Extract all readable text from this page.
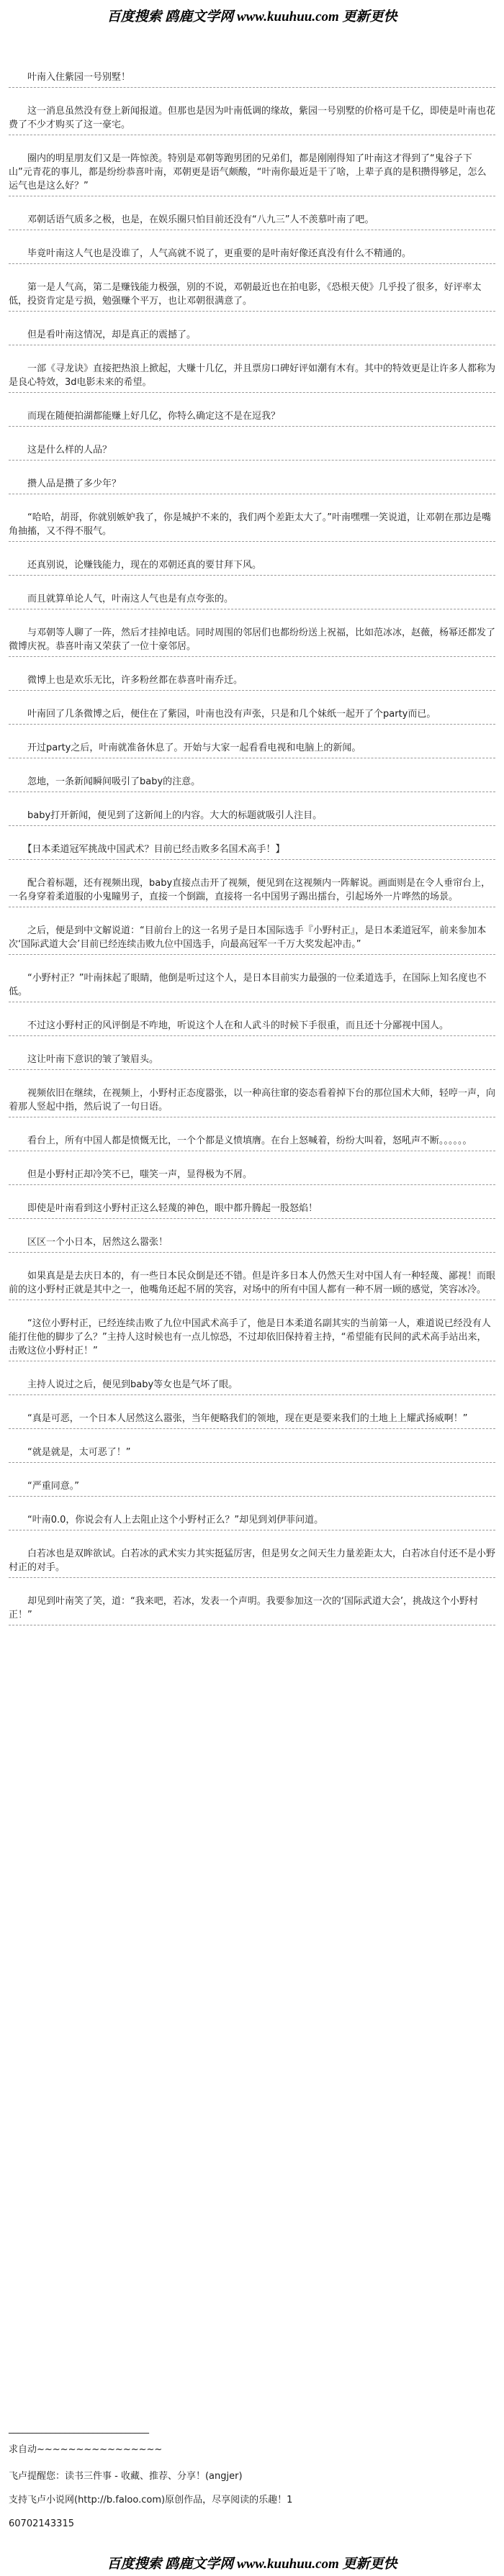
百度搜索 鸥鹿文学网 www.kuuhuu.com 更新更快
　　叶南入住紫园一号别墅！
　　这一消息虽然没有登上新闻报道。但那也是因为叶南低调的缘故，紫园一号别墅的价格可是千亿，即使是叶南也花费了不少才购买了这一豪宅。
　　圈内的明星朋友们又是一阵惊羡。特别是邓朝等跑男团的兄弟们，都是刚刚得知了叶南这才得到了“鬼谷子下山”元青花的事儿，都是纷纷恭喜叶南，邓朝更是语气颇酸，“叶南你最近是干了啥，上辈子真的是积攒得够足，怎么运气也是这么好？”
　　邓朝话语气质多之极，也是，在娱乐圈只怕目前还没有“八九三”人不羡慕叶南了吧。
　　毕竟叶南这人气也是没谁了，人气高就不说了，更重要的是叶南好像还真没有什么不精通的。
　　第一是人气高，第二是赚钱能力极强，别的不说，邓朝最近也在拍电影，《恐根天使》几乎投了很多，好评率太低，投资肯定是亏损，勉强赚个平万，也让邓朝很满意了。
　　但是看叶南这情况，却是真正的震撼了。
　　一部《寻龙诀》直接把热浪上掀起，大赚十几亿，并且票房口碑好评如潮有木有。其中的特效更是让许多人都称为是良心特效，3d电影未来的希望。
　　而现在随便拍湖都能赚上好几亿，你特么确定这不是在逗我？
　　这是什么样的人品？
　　攒人品是攒了多少年？
　　“哈哈，胡哥，你就别嫉妒我了，你是城护不来的，我们两个差距太大了。”叶南嘿嘿一笑说道，让邓朝在那边是嘴角抽搐，又不得不服气。
　　还真别说，论赚钱能力，现在的邓朝还真的要甘拜下风。
　　而且就算单论人气，叶南这人气也是有点夸张的。
　　与邓朝等人聊了一阵，然后才挂掉电话。同时周围的邻居们也都纷纷送上祝福，比如范冰冰，赵薇，杨幂还都发了微博庆祝。恭喜叶南又荣获了一位十豪邻居。
　　微博上也是欢乐无比，许多粉丝都在恭喜叶南乔迁。
　　叶南回了几条微博之后，便住在了紫园，叶南也没有声张，只是和几个妹纸一起开了个party而已。
　　开过party之后，叶南就准备休息了。开始与大家一起看看电视和电脑上的新闻。
　　忽地，一条新闻瞬间吸引了baby的注意。
　　baby打开新闻，便见到了这新闻上的内容。大大的标题就吸引人注目。
　　【日本柔道冠军挑战中国武术？目前已经击败多名国术高手！】
　　配合着标题，还有视频出现，baby直接点击开了视频，便见到在这视频内一阵解说。画面则是在令人垂帘台上，一名身穿着柔道服的小鬼瞳男子，直接一个倒踹，直接将一名中国男子踢出擂台，引起场外一片哗然的场景。
　　之后，便是到中文解说道：“目前台上的这一名男子是日本国际选手『小野村正』，是日本柔道冠军，前来参加本次‘国际武道大会’目前已经连续击败九位中国选手，向最高冠军一千万大奖发起冲击。”
　　“小野村正？”叶南抹起了眼睛，他倒是听过这个人，是日本目前实力最强的一位柔道选手，在国际上知名度也不低。
　　不过这小野村正的风评倒是不咋地，听说这个人在和人武斗的时候下手很重，而且还十分鄙视中国人。
　　这让叶南下意识的皱了皱眉头。
　　视频依旧在继续，在视频上，小野村正态度嚣张，以一种高往窜的姿态看着掉下台的那位国术大师，轻哼一声，向着那人竖起中指，然后说了一句日语。
　　看台上，所有中国人都是愤慨无比，一个个都是义愤填膺。在台上怒喊着，纷纷大叫着，怒吼声不断。。。。。。
　　但是小野村正却冷笑不已，嗤笑一声，显得极为不屑。
　　即使是叶南看到这小野村正这么轻蔑的神色，眼中都升腾起一股怒焰！
　　区区一个小日本，居然这么嚣张！
　　如果真是是去庆日本的，有一些日本民众倒是还不错。但是许多日本人仍然天生对中国人有一种轻蔑、鄙视！而眼前的这小野村正就是其中之一，他嘴角还起不屑的笑容，对场中的所有中国人都有一种不屑一顾的感觉，笑容冰冷。
　　“这位小野村正，已经连续击败了九位中国武术高手了，他是日本柔道名副其实的当前第一人，难道说已经没有人能打住他的脚步了么？”主持人这时候也有一点儿惊恐，不过却依旧保持着主持，“希望能有民间的武术高手站出来，击败这位小野村正！”
　　主持人说过之后，便见到baby等女也是气坏了眼。
　　“真是可恶，一个日本人居然这么嚣张，当年便略我们的领地，现在更是要来我们的土地上上耀武扬威啊！”
　　“就是就是，太可恶了！”
　　“严重同意。”
　　“叶南0.0，你说会有人上去阻止这个小野村正么？”却见到刘伊菲问道。
　　白若冰也是双眸欲试。白若冰的武术实力其实挺猛厉害，但是男女之间天生力量差距太大，白若冰自付还不是小野村正的对手。
　　却见到叶南笑了笑，道：“我来吧，若冰，发表一个声明。我要参加这一次的‘国际武道大会’，挑战这个小野村正！”
______________________________
求自动~~~~~~~~~~~~~~~~
飞卢提醒您：读书三件事 - 收藏、推荐、分享！(angjer)
支持飞卢小说网(http://b.faloo.com)原创作品，尽享阅读的乐趣！1
60702143315
百度搜索 鸥鹿文学网 www.kuuhuu.com 更新更快
